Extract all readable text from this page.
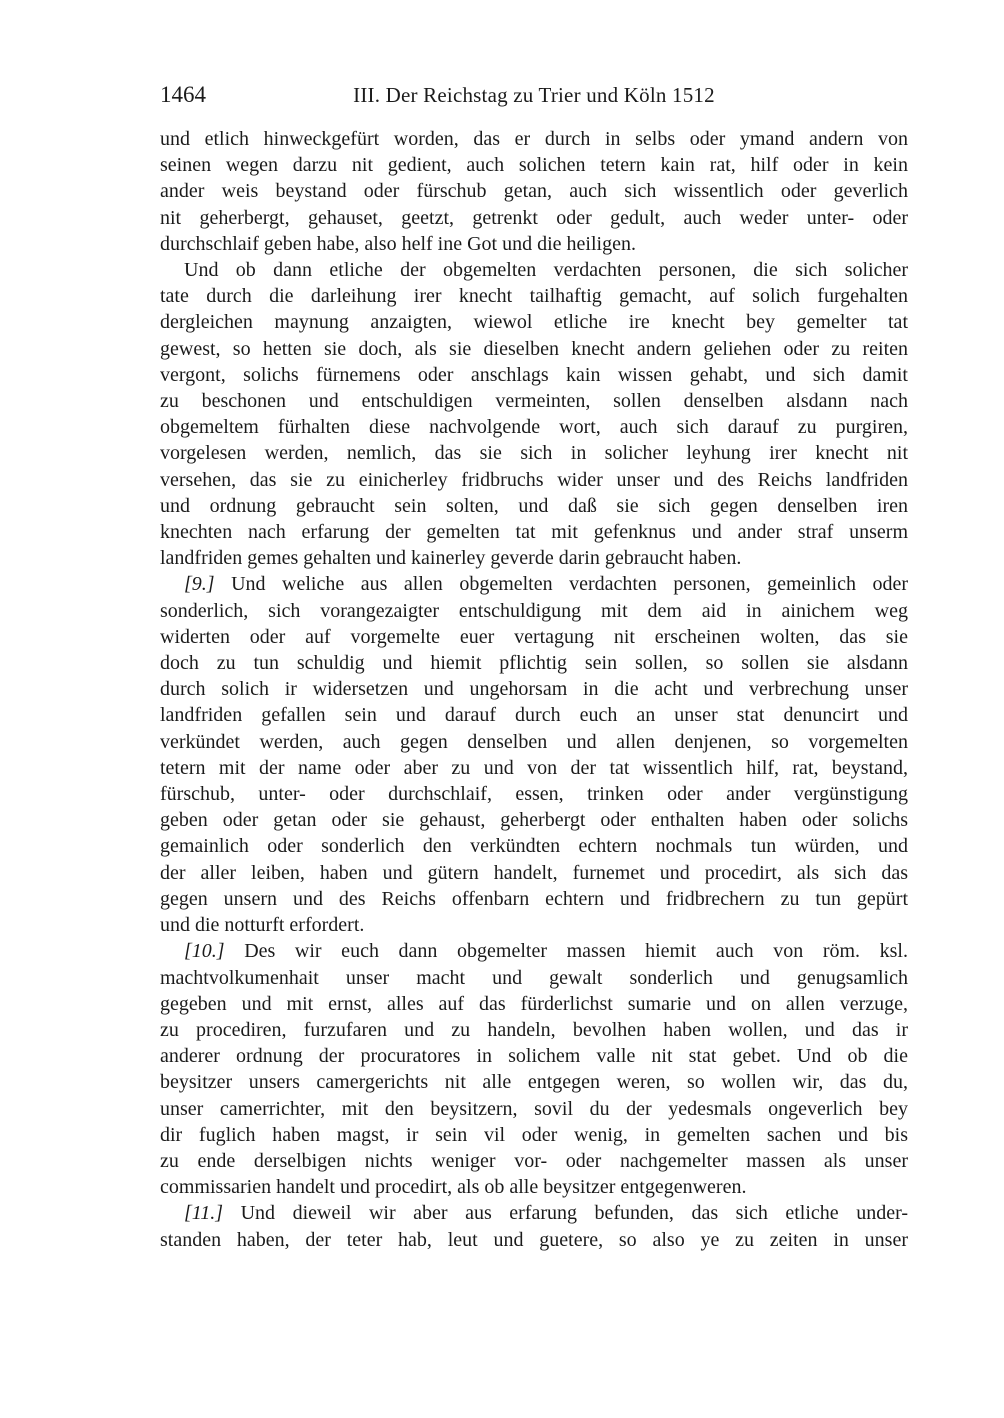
1464	III. Der Reichstag zu Trier und Köln 1512
und etlich hinweckgefürt worden, das er durch in selbs oder ymand andern von
seinen wegen darzu nit gedient, auch solichen tetern kain rat, hilf oder in kein
ander weis beystand oder fürschub getan, auch sich wissentlich oder geverlich
nit geherbergt, gehauset, geetzt, getrenkt oder gedult, auch weder unter- oder
durchschlaif geben habe, also helf ine Got und die heiligen.
Und ob dann etliche der obgemelten verdachten personen, die sich solicher
tate durch die darleihung irer knecht tailhaftig gemacht, auf solich furgehalten
dergleichen maynung anzaigten, wiewol etliche ire knecht bey gemelter tat
gewest, so hetten sie doch, als sie dieselben knecht andern geliehen oder zu reiten
vergont, solichs fürnemens oder anschlags kain wissen gehabt, und sich damit
zu beschonen und entschuldigen vermeinten, sollen denselben alsdann nach
obgemeltem fürhalten diese nachvolgende wort, auch sich darauf zu purgiren,
vorgelesen werden, nemlich, das sie sich in solicher leyhung irer knecht nit
versehen, das sie zu einicherley fridbruchs wider unser und des Reichs landfriden
und ordnung gebraucht sein solten, und daß sie sich gegen denselben iren
knechten nach erfarung der gemelten tat mit gefenknus und ander straf unserm
landfriden gemes gehalten und kainerley geverde darin gebraucht haben.
[9.] Und weliche aus allen obgemelten verdachten personen, gemeinlich oder
sonderlich, sich vorangezaigter entschuldigung mit dem aid in ainichem weg
widerten oder auf vorgemelte euer vertagung nit erscheinen wolten, das sie
doch zu tun schuldig und hiemit pflichtig sein sollen, so sollen sie alsdann
durch solich ir widersetzen und ungehorsam in die acht und verbrechung unser
landfriden gefallen sein und darauf durch euch an unser stat denuncirt und
verkündet werden, auch gegen denselben und allen denjenen, so vorgemelten
tetern mit der name oder aber zu und von der tat wissentlich hilf, rat, beystand,
fürschub, unter- oder durchschlaif, essen, trinken oder ander vergünstigung
geben oder getan oder sie gehaust, geherbergt oder enthalten haben oder solichs
gemainlich oder sonderlich den verkündten echtern nochmals tun würden, und
der aller leiben, haben und gütern handelt, furnemet und procedirt, als sich das
gegen unsern und des Reichs offenbarn echtern und fridbrechern zu tun gepürt
und die notturft erfordert.
[10.] Des wir euch dann obgemelter massen hiemit auch von röm. ksl.
machtvolkumenhait unser macht und gewalt sonderlich und genugsamlich
gegeben und mit ernst, alles auf das fürderlichst sumarie und on allen verzuge,
zu procediren, furzufaren und zu handeln, bevolhen haben wollen, und das ir
anderer ordnung der procuratores in solichem valle nit stat gebet. Und ob die
beysitzer unsers camergerichts nit alle entgegen weren, so wollen wir, das du,
unser camerrichter, mit den beysitzern, sovil du der yedesmals ongeverlich bey
dir fuglich haben magst, ir sein vil oder wenig, in gemelten sachen und bis
zu ende derselbigen nichts weniger vor- oder nachgemelter massen als unser
commissarien handelt und procedirt, als ob alle beysitzer entgegenweren.
[11.] Und dieweil wir aber aus erfarung befunden, das sich etliche under-
standen haben, der teter hab, leut und guetere, so also ye zu zeiten in unser
